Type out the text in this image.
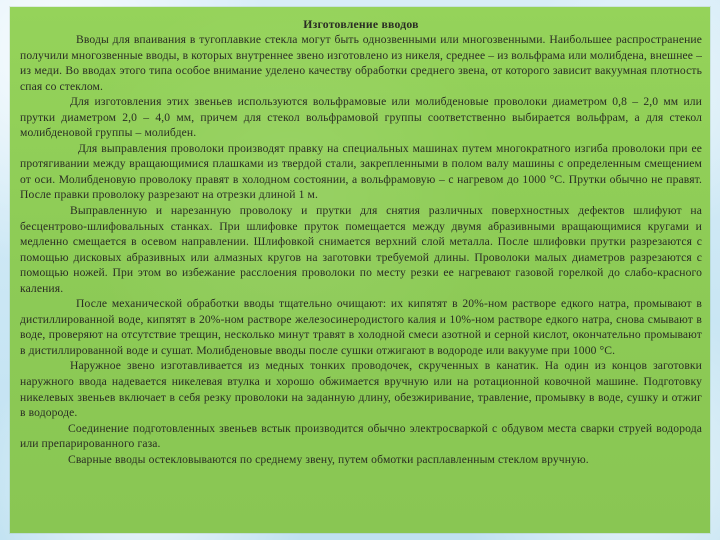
Изготовление вводов

Вводы для впаивания в тугоплавкие стекла могут быть однозвенными или многозвенными. Наибольшее распространение получили многозвенные вводы, в которых внутреннее звено изготовлено из никеля, среднее – из вольфрама или молибдена, внешнее – из меди. Во вводах этого типа особое внимание уделено качеству обработки среднего звена, от которого зависит вакуумная плотность спая со стеклом.

Для изготовления этих звеньев используются вольфрамовые или молибденовые проволоки диаметром 0,8 – 2,0 мм или прутки диаметром 2,0 – 4,0 мм, причем для стекол вольфрамовой группы соответственно выбирается вольфрам, а для стекол молибденовой группы – молибден.

Для выправления проволоки производят правку на специальных машинах путем многократного изгиба проволоки при ее протягивании между вращающимися плашками из твердой стали, закрепленными в полом валу машины с определенным смещением от оси. Молибденовую проволоку правят в холодном состоянии, а вольфрамовую – с нагревом до 1000 °С. Прутки обычно не правят. После правки проволоку разрезают на отрезки длиной 1 м.

Выправленную и нарезанную проволоку и прутки для снятия различных поверхностных дефектов шлифуют на бесцентрово-шлифовальных станках. При шлифовке пруток помещается между двумя абразивными вращающимися кругами и медленно смещается в осевом направлении. Шлифовкой снимается верхний слой металла. После шлифовки прутки разрезаются с помощью дисковых абразивных или алмазных кругов на заготовки требуемой длины. Проволоки малых диаметров разрезаются с помощью ножей. При этом во избежание расслоения проволоки по месту резки ее нагревают газовой горелкой до слабо-красного каления.

После механической обработки вводы тщательно очищают: их кипятят в 20%-ном растворе едкого натра, промывают в дистиллированной воде, кипятят в 20%-ном растворе железосинеродистого калия и 10%-ном растворе едкого натра, снова смывают в воде, проверяют на отсутствие трещин, несколько минут травят в холодной смеси азотной и серной кислот, окончательно промывают в дистиллированной воде и сушат. Молибденовые вводы после сушки отжигают в водороде или вакууме при 1000 °С.

Наружное звено изготавливается из медных тонких проводочек, скрученных в канатик. На один из концов заготовки наружного ввода надевается никелевая втулка и хорошо обжимается вручную или на ротационной ковочной машине. Подготовку никелевых звеньев включает в себя резку проволоки на заданную длину, обезжиривание, травление, промывку в воде, сушку и отжиг в водороде.

Соединение подготовленных звеньев встык производится обычно электросваркой с обдувом места сварки струей водорода или препарированного газа.

Сварные вводы остекловываются по среднему звену, путем обмотки расплавленным стеклом вручную.
